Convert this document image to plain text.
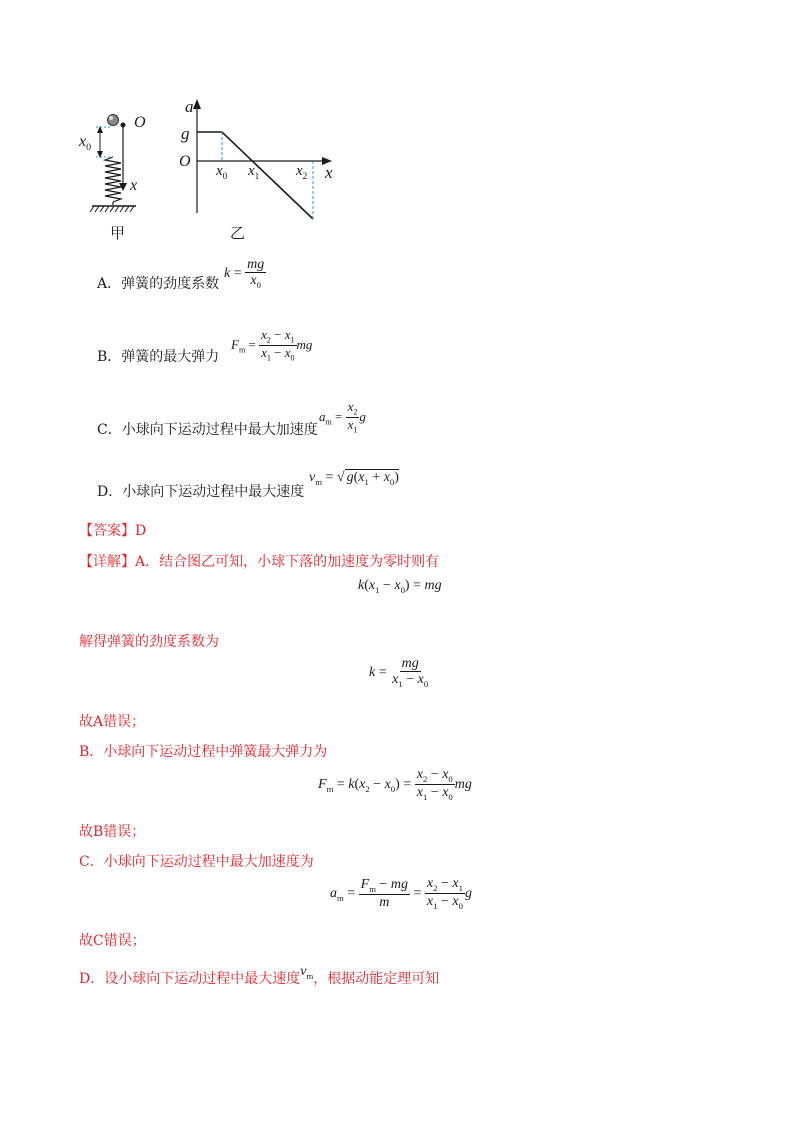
O
x
$x_0$
甲
a
g
O
x
$x_0$ $x_1$ $x_2$
乙
A．弹簧的劲度系数
$k = \frac{mg}{x_0}$
B．弹簧的最大弹力
$F_m = \frac{x_2 - x_1}{x_1 - x_0}$ mg
C．小球向下运动过程中最大加速度
$a_m = \frac{x_2}{x_1}$ g
D．小球向下运动过程中最大速度
$v_m$ = √ $g(x_1 + x_0)$
【答案】D
【详解】A．结合图乙可知，小球下落的加速度为零时则有
$k(x_1 - x_0)$ = mg
解得弹簧的劲度系数为
$k = \frac{mg}{x_1 - x_0}$
故A错误；
B．小球向下运动过程中弹簧最大弹力为
$F_m = k(x_2 - x_0) = \frac{x_2 - x_0}{x_1 - x_0}$ mg
故B错误；
C．小球向下运动过程中最大加速度为
$a_m = \frac{F_m - mg}{m} = \frac{x_2 - x_1}{x_1 - x_0}$ g
故C错误；
D．设小球向下运动过程中最大速度$v_m$，根据动能定理可知
